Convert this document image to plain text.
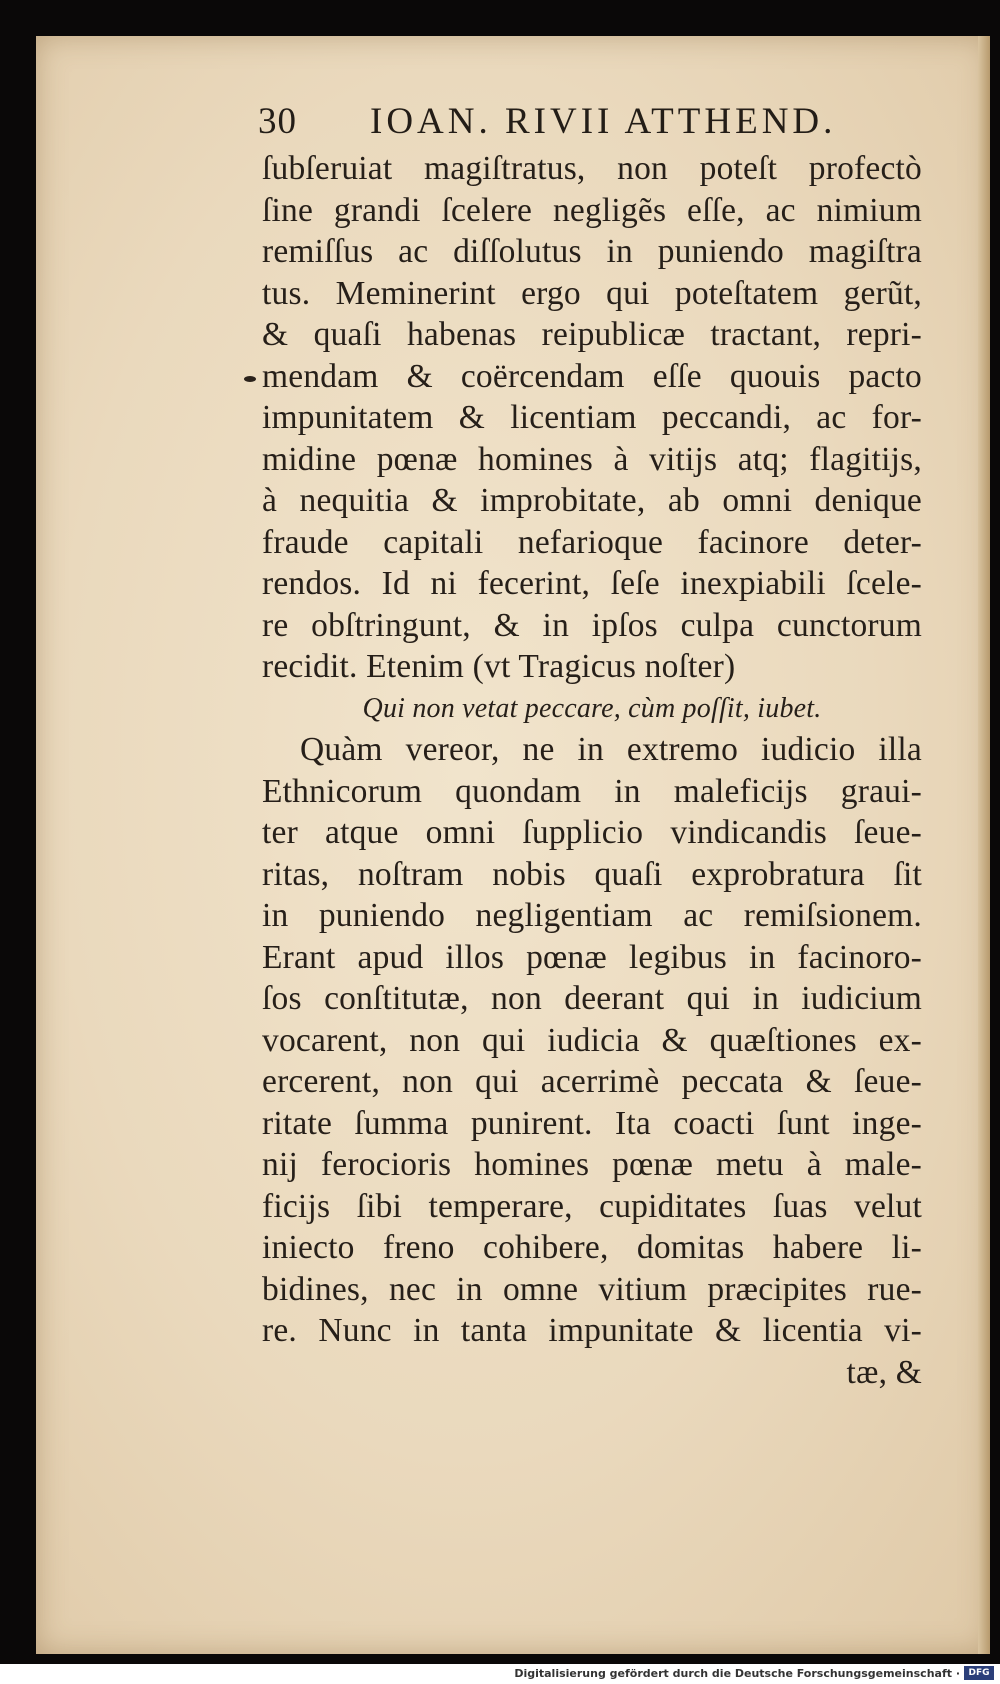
30 IOAN. RIVII ATTHEND.
ſubſeruiat magiſtratus, non poteſt profectò
ſine grandi ſcelere negligẽs eſſe, ac nimium
remiſſus ac diſſolutus in puniendo magiſtra
tus. Meminerint ergo qui poteſtatem gerũt,
& quaſi habenas reipublicæ tractant, repri-
mendam & coërcendam eſſe quouis pacto
impunitatem & licentiam peccandi, ac for-
midine pœnæ homines à vitijs atq; flagitijs,
à nequitia & improbitate, ab omni denique
fraude capitali nefarioque facinore deter-
rendos. Id ni fecerint, ſeſe inexpiabili ſcele-
re obſtringunt, & in ipſos culpa cunctorum
recidit. Etenim (vt Tragicus noſter)
Qui non vetat peccare, cùm poſſit, iubet.
Quàm vereor, ne in extremo iudicio illa
Ethnicorum quondam in maleficijs graui-
ter atque omni ſupplicio vindicandis ſeue-
ritas, noſtram nobis quaſi exprobratura ſit
in puniendo negligentiam ac remiſsionem.
Erant apud illos pœnæ legibus in facinoro-
ſos conſtitutæ, non deerant qui in iudicium
vocarent, non qui iudicia & quæſtiones ex-
ercerent, non qui acerrimè peccata & ſeue-
ritate ſumma punirent. Ita coacti ſunt inge-
nij ferocioris homines pœnæ metu à male-
ficijs ſibi temperare, cupiditates ſuas velut
iniecto freno cohibere, domitas habere li-
bidines, nec in omne vitium præcipites rue-
re. Nunc in tanta impunitate & licentia vi-
tæ, &
Digitalisierung gefördert durch die Deutsche Forschungsgemeinschaft · DFG
